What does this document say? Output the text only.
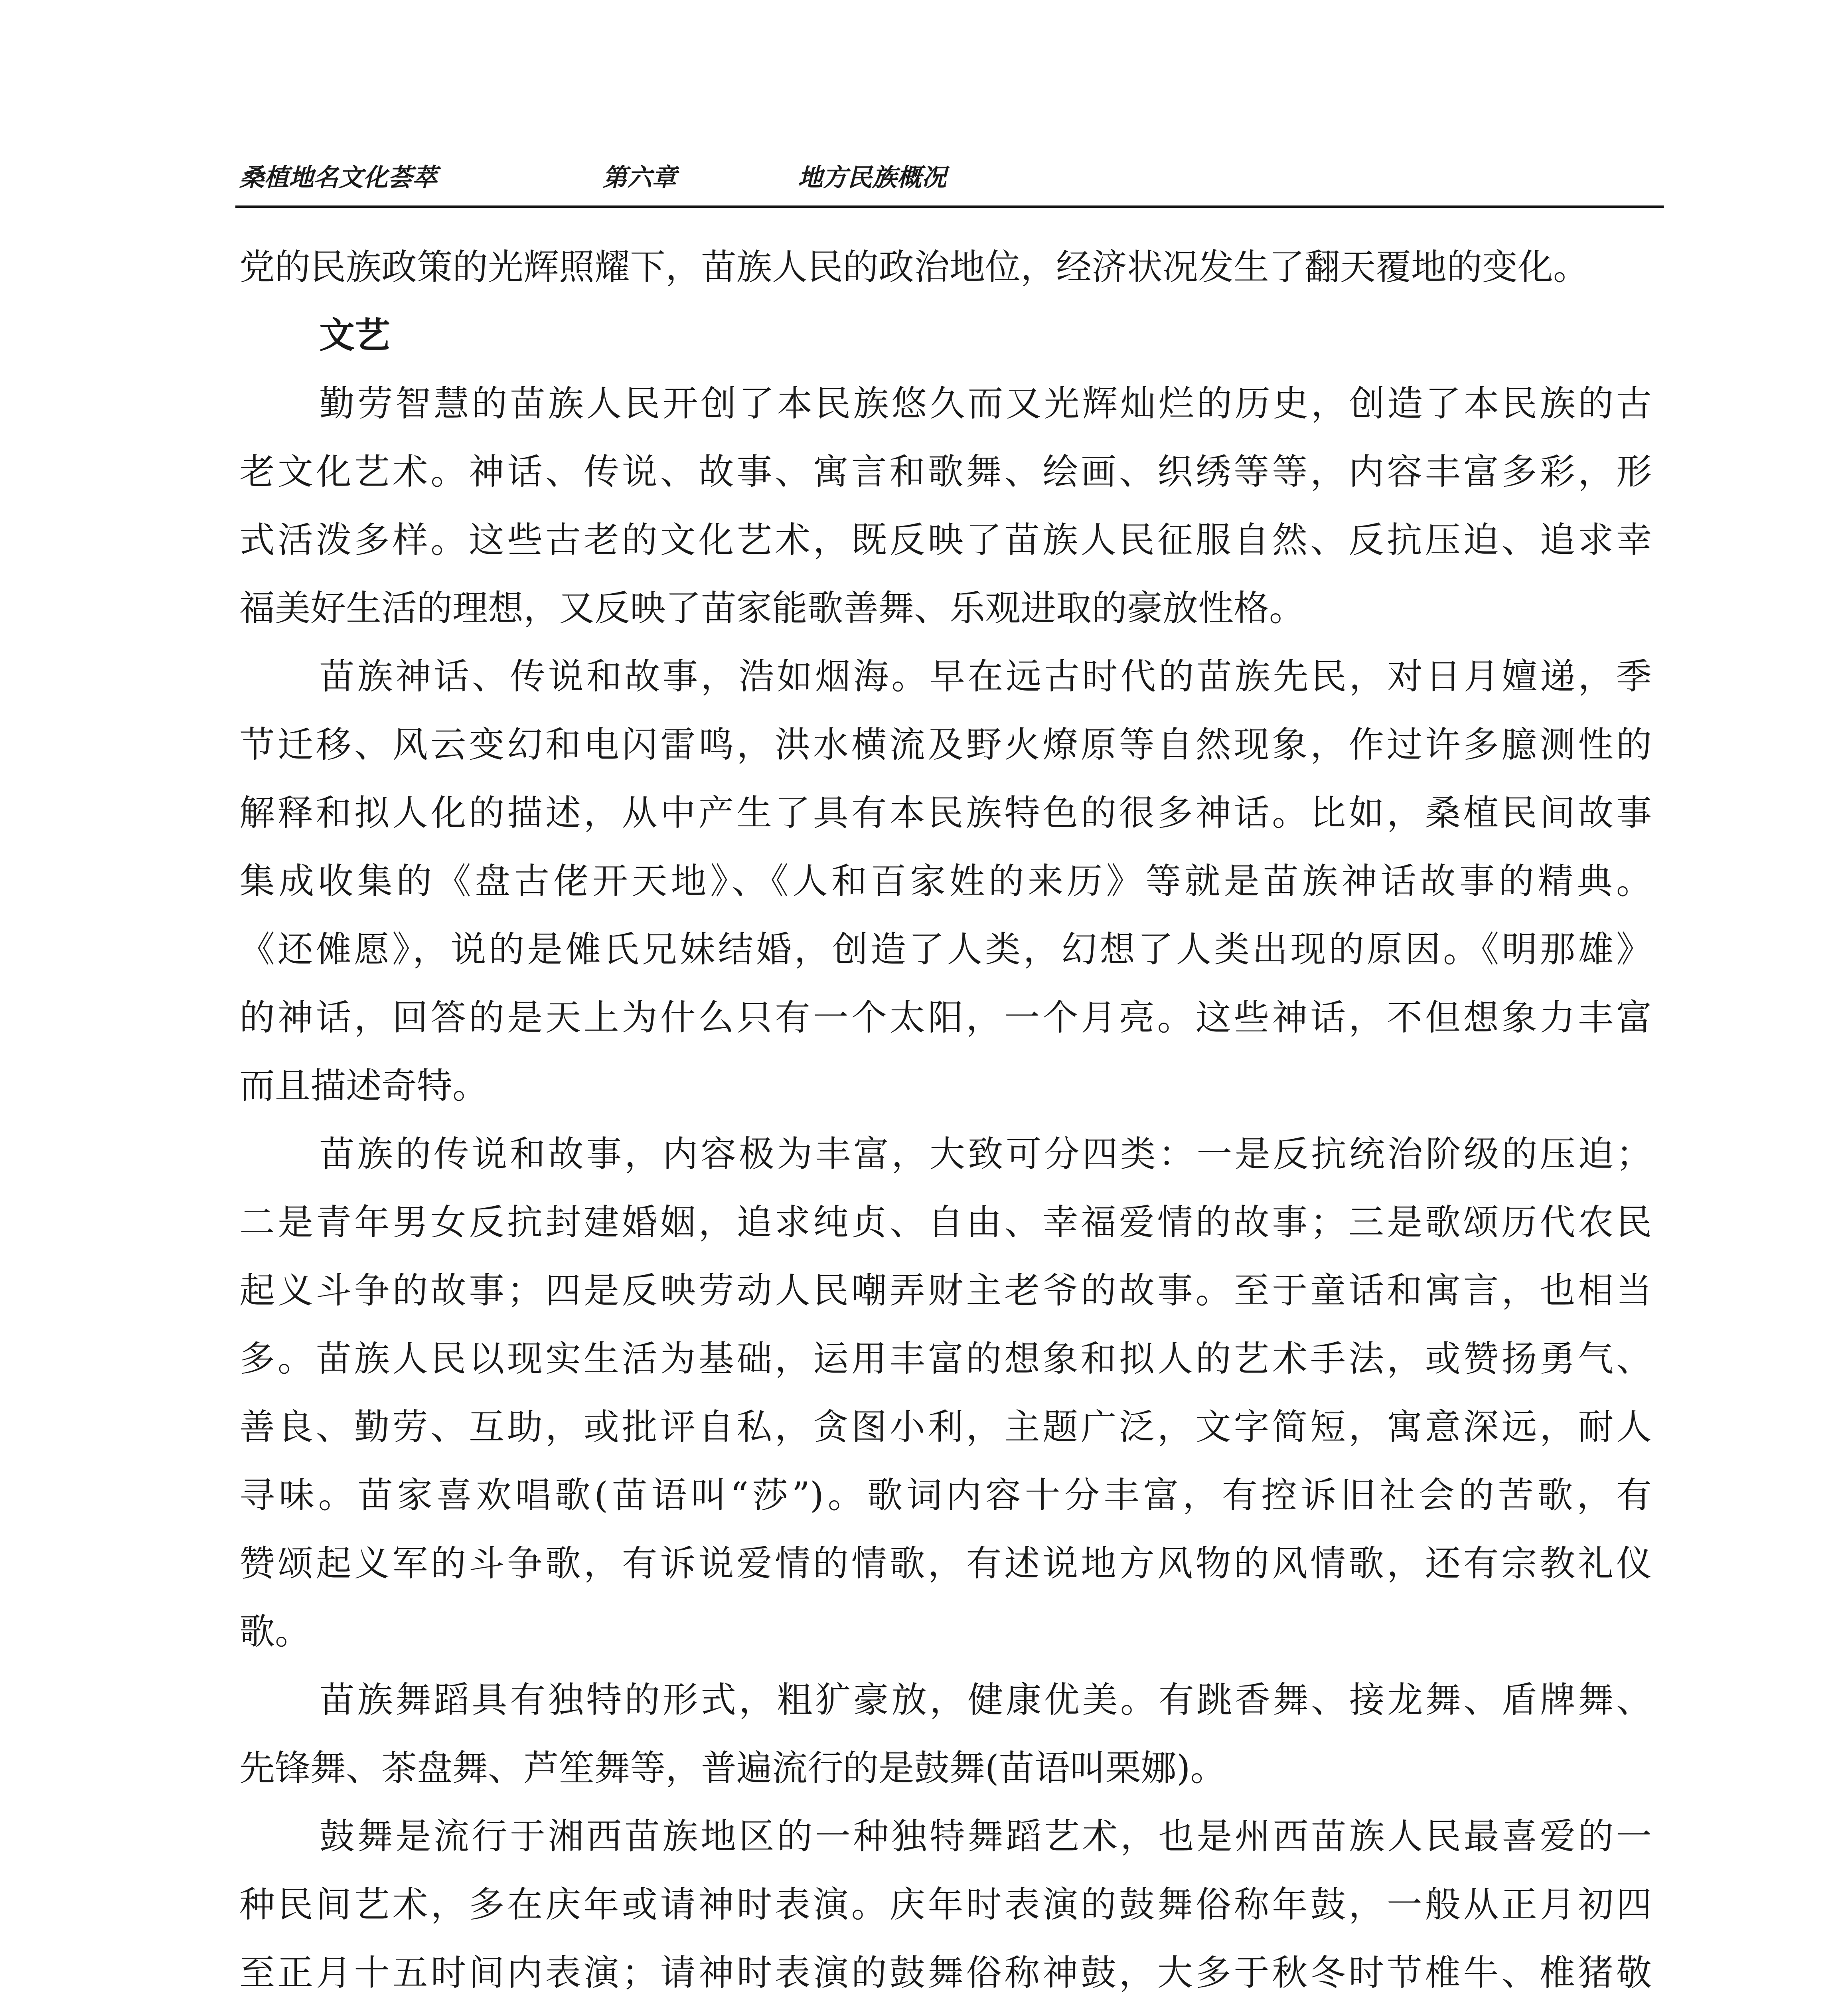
桑植地名文化荟萃	第六章	地方民族概况
党的民族政策的光辉照耀下，苗族人民的政治地位，经济状况发生了翻天覆地的变化。
文艺
勤劳智慧的苗族人民开创了本民族悠久而又光辉灿烂的历史，创造了本民族的古
老文化艺术。神话、传说、故事、寓言和歌舞、绘画、织绣等等，内容丰富多彩，形
式活泼多样。这些古老的文化艺术，既反映了苗族人民征服自然、反抗压迫、追求幸
福美好生活的理想，又反映了苗家能歌善舞、乐观进取的豪放性格。
苗族神话、传说和故事，浩如烟海。早在远古时代的苗族先民，对日月嬗递，季
节迁移、风云变幻和电闪雷鸣，洪水横流及野火燎原等自然现象，作过许多臆测性的
解释和拟人化的描述，从中产生了具有本民族特色的很多神话。比如，桑植民间故事
集成收集的《盘古佬开天地》、《人和百家姓的来历》等就是苗族神话故事的精典。
《还傩愿》，说的是傩氏兄妹结婚，创造了人类，幻想了人类出现的原因。《明那雄》
的神话，回答的是天上为什么只有一个太阳，一个月亮。这些神话，不但想象力丰富
而且描述奇特。
苗族的传说和故事，内容极为丰富，大致可分四类：一是反抗统治阶级的压迫；
二是青年男女反抗封建婚姻，追求纯贞、自由、幸福爱情的故事；三是歌颂历代农民
起义斗争的故事；四是反映劳动人民嘲弄财主老爷的故事。至于童话和寓言，也相当
多。苗族人民以现实生活为基础，运用丰富的想象和拟人的艺术手法，或赞扬勇气、
善良、勤劳、互助，或批评自私，贪图小利，主题广泛，文字简短，寓意深远，耐人
寻味。苗家喜欢唱歌(苗语叫“莎”)。歌词内容十分丰富，有控诉旧社会的苦歌，有
赞颂起义军的斗争歌，有诉说爱情的情歌，有述说地方风物的风情歌，还有宗教礼仪
歌。
苗族舞蹈具有独特的形式，粗犷豪放，健康优美。有跳香舞、接龙舞、盾牌舞、
先锋舞、茶盘舞、芦笙舞等，普遍流行的是鼓舞(苗语叫栗娜)。
鼓舞是流行于湘西苗族地区的一种独特舞蹈艺术，也是州西苗族人民最喜爱的一
种民间艺术，多在庆年或请神时表演。庆年时表演的鼓舞俗称年鼓，一般从正月初四
至正月十五时间内表演；请神时表演的鼓舞俗称神鼓，大多于秋冬时节椎牛、椎猪敬
